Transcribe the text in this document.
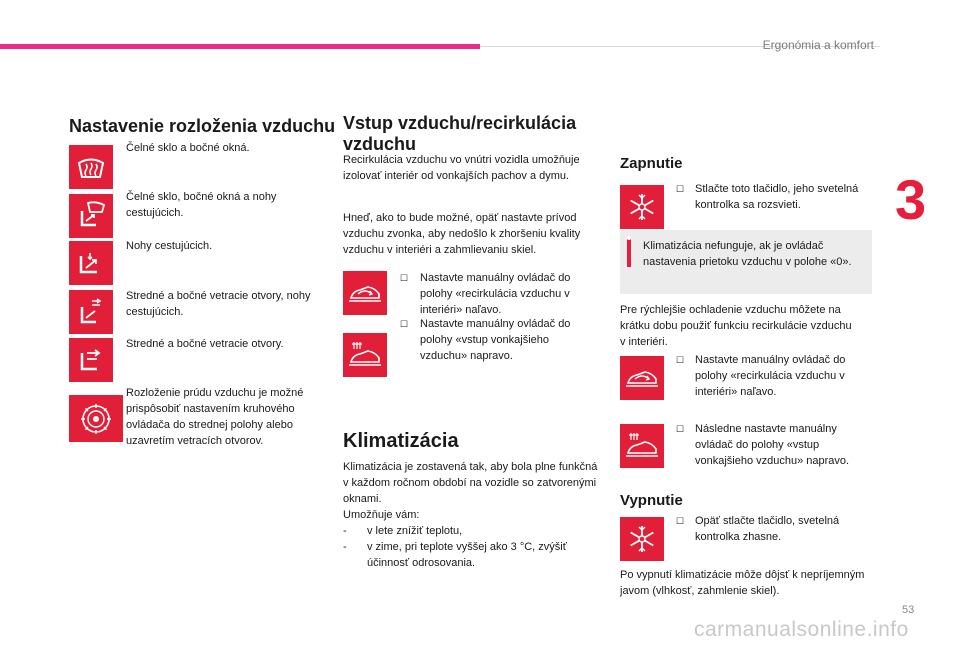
Ergonómia a komfort
3
Nastavenie rozloženia vzduchu
Čelné sklo a bočné okná.
Čelné sklo, bočné okná a nohy cestujúcich.
Nohy cestujúcich.
Stredné a bočné vetracie otvory, nohy cestujúcich.
Stredné a bočné vetracie otvory.
Rozloženie prúdu vzduchu je možné prispôsobiť nastavením kruhového ovládača do strednej polohy alebo uzavretím vetracích otvorov.
Vstup vzduchu/recirkulácia vzduchu
Recirkulácia vzduchu vo vnútri vozidla umožňuje izolovať interiér od vonkajších pachov a dymu.
Hneď, ako to bude možné, opäť nastavte prívod vzduchu zvonka, aby nedošlo k zhoršeniu kvality vzduchu v interiéri a zahmlievaniu skiel.
☐ Nastavte manuálny ovládač do polohy «recirkulácia vzduchu v interiéri» naľavo.
☐ Nastavte manuálny ovládač do polohy «vstup vonkajšieho vzduchu» napravo.
Klimatizácia
Klimatizácia je zostavená tak, aby bola plne funkčná v každom ročnom období na vozidle so zatvorenými oknami.
Umožňuje vám:
- v lete znížiť teplotu,
- v zime, pri teplote vyššej ako 3 °C, zvýšiť účinnosť odrosovania.
Zapnutie
☐ Stlačte toto tlačidlo, jeho svetelná kontrolka sa rozsvieti.
Klimatizácia nefunguje, ak je ovládač nastavenia prietoku vzduchu v polohe «0».
Pre rýchlejšie ochladenie vzduchu môžete na krátku dobu použiť funkciu recirkulácie vzduchu v interiéri.
☐ Nastavte manuálny ovládač do polohy «recirkulácia vzduchu v interiéri» naľavo.
☐ Následne nastavte manuálny ovládač do polohy «vstup vonkajšieho vzduchu» napravo.
Vypnutie
☐ Opäť stlačte tlačidlo, svetelná kontrolka zhasne.
Po vypnutí klimatizácie môže dôjsť k nepríjemným javom (vlhkosť, zahmlenie skiel).
53
carmanualsonline.info
